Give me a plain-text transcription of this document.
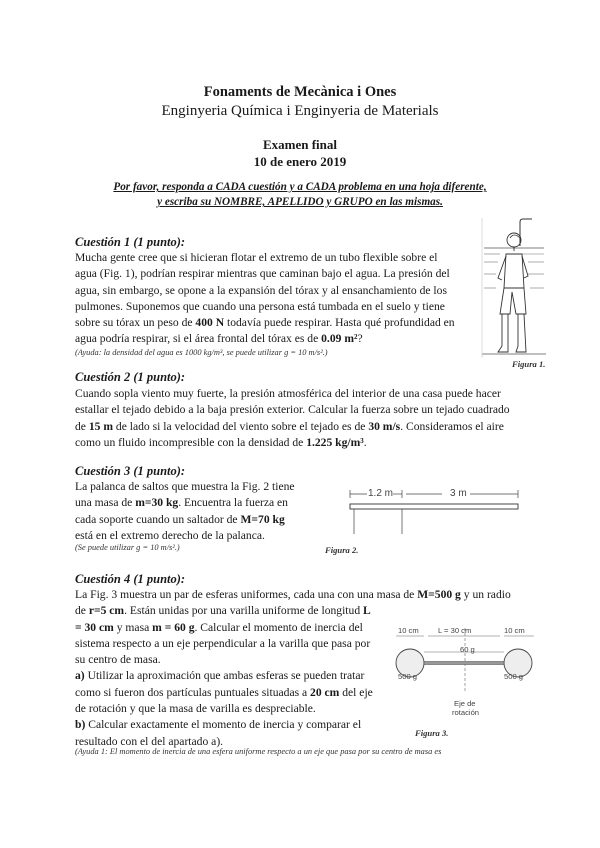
Fonaments de Mecànica i Ones
Enginyeria Química i Enginyeria de Materials
Examen final
10 de enero 2019
Por favor, responda a CADA cuestión y a CADA problema en una hoja diferente,
y escriba su NOMBRE, APELLIDO y GRUPO en las mismas.
Cuestión 1 (1 punto):
Mucha gente cree que si hicieran flotar el extremo de un tubo flexible sobre el
agua (Fig. 1), podrían respirar mientras que caminan bajo el agua. La presión del
agua, sin embargo, se opone a la expansión del tórax y al ensanchamiento de los
pulmones. Suponemos que cuando una persona está tumbada en el suelo y tiene
sobre su tórax un peso de 400 N todavía puede respirar. Hasta qué profundidad en
agua podría respirar, si el área frontal del tórax es de 0.09 m²?
(Ayuda: la densidad del agua es 1000 kg/m³, se puede utilizar g = 10 m/s².)
Figura 1.
Cuestión 2 (1 punto):
Cuando sopla viento muy fuerte, la presión atmosférica del interior de una casa puede hacer
estallar el tejado debido a la baja presión exterior. Calcular la fuerza sobre un tejado cuadrado
de 15 m de lado si la velocidad del viento sobre el tejado es de 30 m/s. Consideramos el aire
como un fluido incompresible con la densidad de 1.225 kg/m³.
Cuestión 3 (1 punto):
La palanca de saltos que muestra la Fig. 2 tiene
una masa de m=30 kg. Encuentra la fuerza en
cada soporte cuando un saltador de M=70 kg
está en el extremo derecho de la palanca.
(Se puede utilizar g = 10 m/s².)
1.2 m	3 m
Figura 2.
Cuestión 4 (1 punto):
La Fig. 3 muestra un par de esferas uniformes, cada una con una masa de M=500 g y un radio
de r=5 cm. Están unidas por una varilla uniforme de longitud L
= 30 cm y masa m = 60 g. Calcular el momento de inercia del
sistema respecto a un eje perpendicular a la varilla que pasa por
su centro de masa.
a) Utilizar la aproximación que ambas esferas se pueden tratar
como si fueron dos partículas puntuales situadas a 20 cm del eje
de rotación y que la masa de varilla es despreciable.
b) Calcular exactamente el momento de inercia y comparar el
resultado con el del apartado a).
(Ayuda 1: El momento de inercia de una esfera uniforme respecto a un eje que pasa por su centro de masa es
10 cm	L = 30 cm	10 cm
60 g
500 g	500 g
Eje de
rotación
Figura 3.
